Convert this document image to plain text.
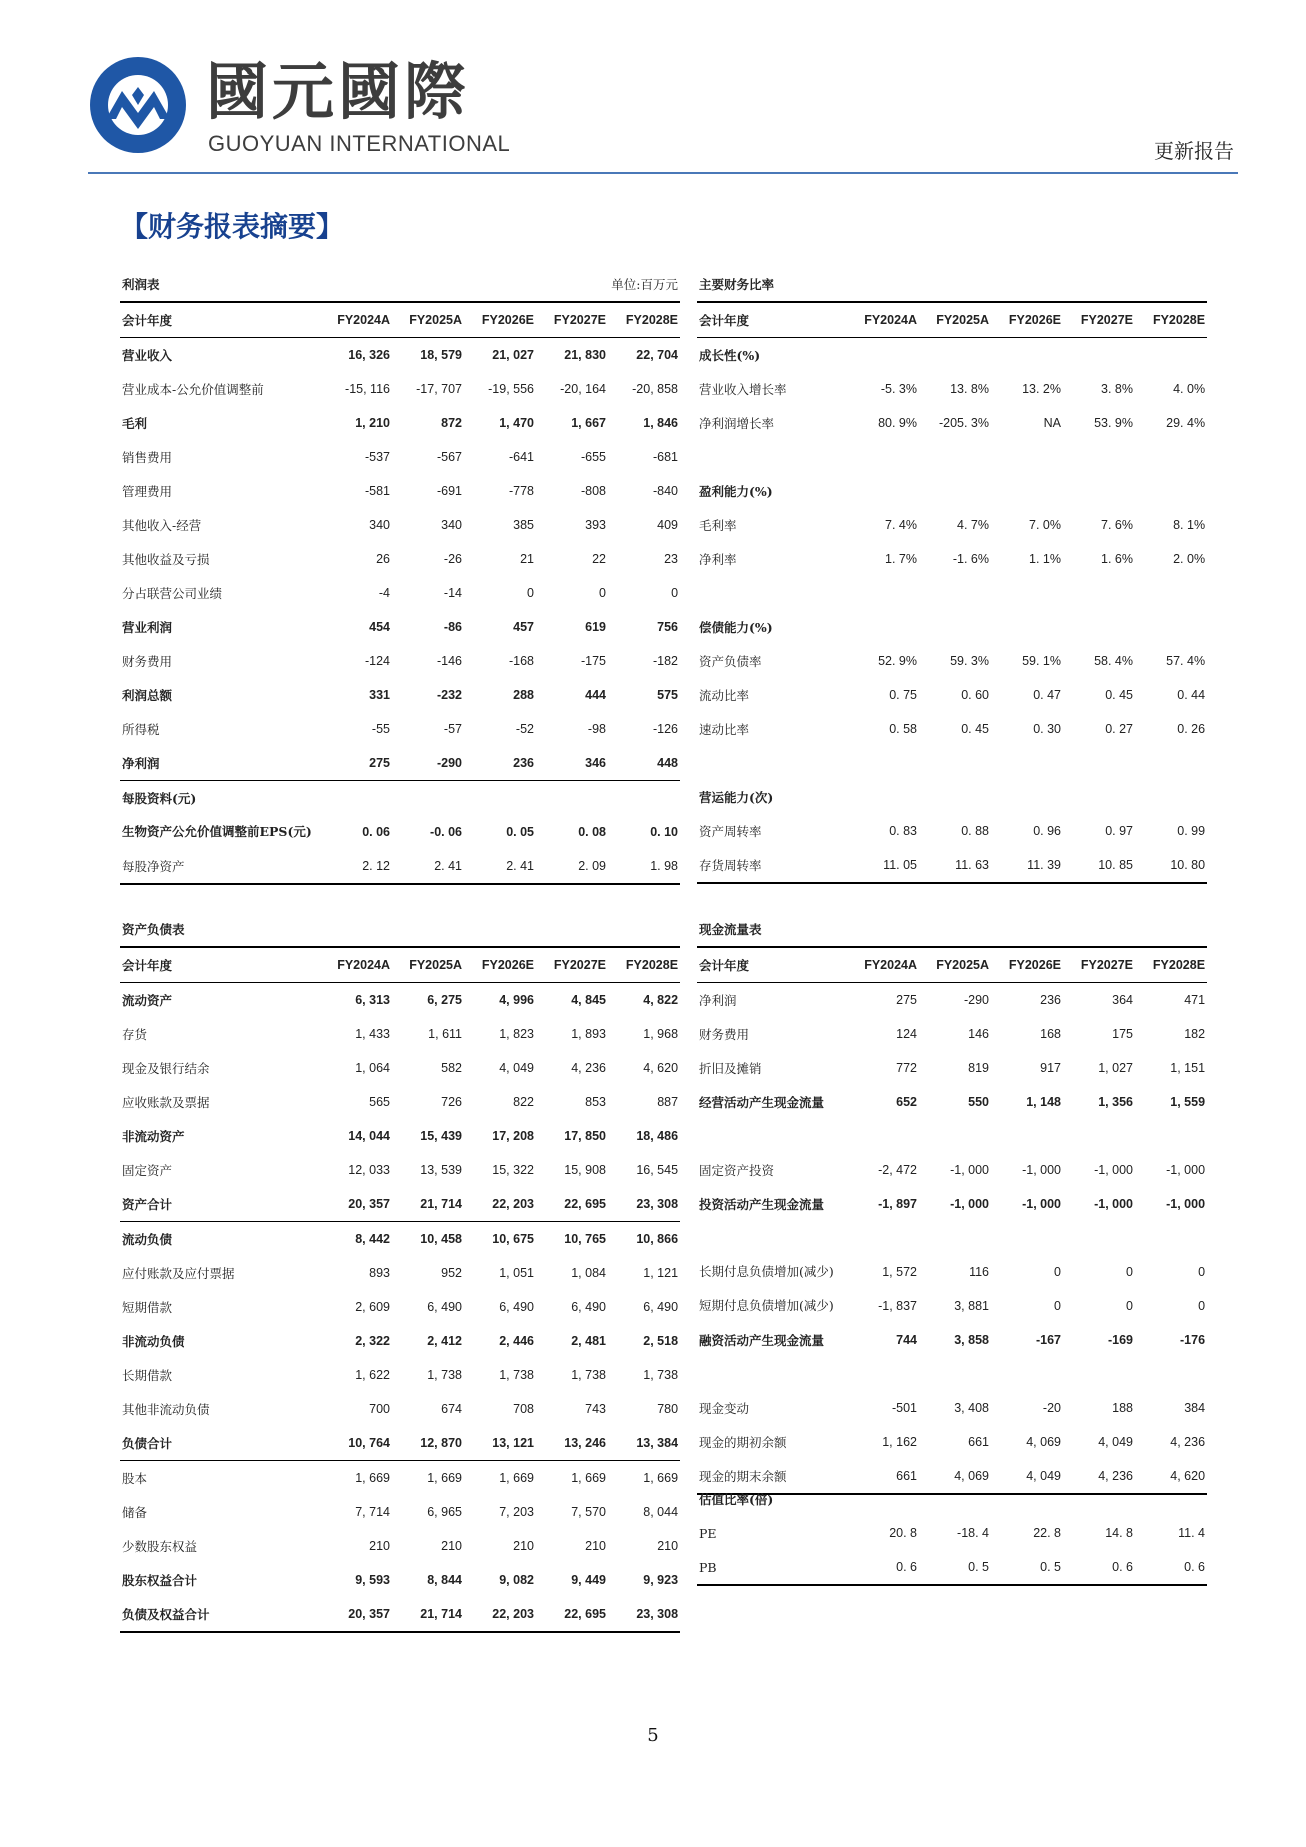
國元國際
GUOYUAN INTERNATIONAL	更新报告
【财务报表摘要】
利润表	单位:百万元				
会计年度	FY2024A	FY2025A	FY2026E	FY2027E	FY2028E
营业收入	16, 326	18, 579	21, 027	21, 830	22, 704
营业成本-公允价值调整前	-15, 116	-17, 707	-19, 556	-20, 164	-20, 858
毛利	1, 210	872	1, 470	1, 667	1, 846
销售费用	-537	-567	-641	-655	-681
管理费用	-581	-691	-778	-808	-840
其他收入-经营	340	340	385	393	409
其他收益及亏损	26	-26	21	22	23
分占联营公司业绩	-4	-14	0	0	0
营业利润	454	-86	457	619	756
财务费用	-124	-146	-168	-175	-182
利润总额	331	-232	288	444	575
所得税	-55	-57	-52	-98	-126
净利润	275	-290	236	346	448
每股资料(元)					
生物资产公允价值调整前EPS(元)	0. 06	-0. 06	0. 05	0. 08	0. 10
每股净资产	2. 12	2. 41	2. 41	2. 09	1. 98
主要财务比率					
会计年度	FY2024A	FY2025A	FY2026E	FY2027E	FY2028E
成长性(%)					
营业收入增长率	-5. 3%	13. 8%	13. 2%	3. 8%	4. 0%
净利润增长率	80. 9%	-205. 3%	NA	53. 9%	29. 4%

盈利能力(%)					
毛利率	7. 4%	4. 7%	7. 0%	7. 6%	8. 1%
净利率	1. 7%	-1. 6%	1. 1%	1. 6%	2. 0%

偿债能力(%)					
资产负债率	52. 9%	59. 3%	59. 1%	58. 4%	57. 4%
流动比率	0. 75	0. 60	0. 47	0. 45	0. 44
速动比率	0. 58	0. 45	0. 30	0. 27	0. 26

营运能力(次)					
资产周转率	0. 83	0. 88	0. 96	0. 97	0. 99
存货周转率	11. 05	11. 63	11. 39	10. 85	10. 80
资产负债表					
会计年度	FY2024A	FY2025A	FY2026E	FY2027E	FY2028E
流动资产	6, 313	6, 275	4, 996	4, 845	4, 822
存货	1, 433	1, 611	1, 823	1, 893	1, 968
现金及银行结余	1, 064	582	4, 049	4, 236	4, 620
应收账款及票据	565	726	822	853	887
非流动资产	14, 044	15, 439	17, 208	17, 850	18, 486
固定资产	12, 033	13, 539	15, 322	15, 908	16, 545
资产合计	20, 357	21, 714	22, 203	22, 695	23, 308
流动负债	8, 442	10, 458	10, 675	10, 765	10, 866
应付账款及应付票据	893	952	1, 051	1, 084	1, 121
短期借款	2, 609	6, 490	6, 490	6, 490	6, 490
非流动负债	2, 322	2, 412	2, 446	2, 481	2, 518
长期借款	1, 622	1, 738	1, 738	1, 738	1, 738
其他非流动负债	700	674	708	743	780
负债合计	10, 764	12, 870	13, 121	13, 246	13, 384
股本	1, 669	1, 669	1, 669	1, 669	1, 669
储备	7, 714	6, 965	7, 203	7, 570	8, 044
少数股东权益	210	210	210	210	210
股东权益合计	9, 593	8, 844	9, 082	9, 449	9, 923
负债及权益合计	20, 357	21, 714	22, 203	22, 695	23, 308
现金流量表					
会计年度	FY2024A	FY2025A	FY2026E	FY2027E	FY2028E
净利润	275	-290	236	364	471
财务费用	124	146	168	175	182
折旧及摊销	772	819	917	1, 027	1, 151
经营活动产生现金流量	652	550	1, 148	1, 356	1, 559

固定资产投资	-2, 472	-1, 000	-1, 000	-1, 000	-1, 000
投资活动产生现金流量	-1, 897	-1, 000	-1, 000	-1, 000	-1, 000

长期付息负债增加(减少)	1, 572	116	0	0	0
短期付息负债增加(减少)	-1, 837	3, 881	0	0	0
融资活动产生现金流量	744	3, 858	-167	-169	-176

现金变动	-501	3, 408	-20	188	384
现金的期初余额	1, 162	661	4, 069	4, 049	4, 236
现金的期末余额	661	4, 069	4, 049	4, 236	4, 620

估值比率(倍)					
PE	20. 8	-18. 4	22. 8	14. 8	11. 4
PB	0. 6	0. 5	0. 5	0. 6	0. 6
5
